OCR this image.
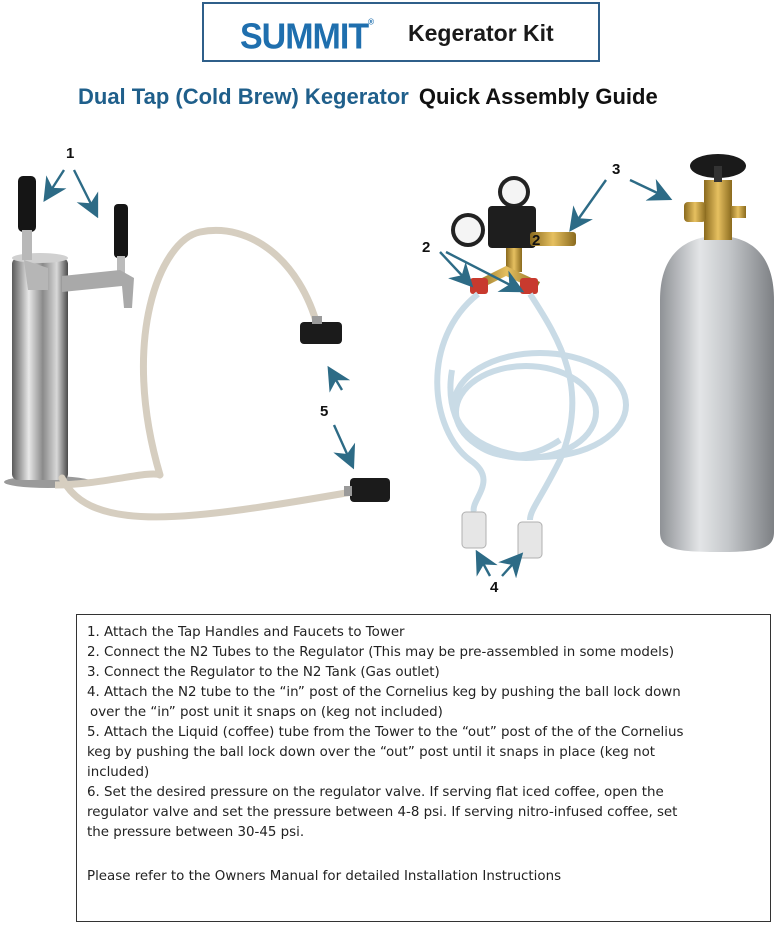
SUMMIT® Kegerator Kit
Dual Tap (Cold Brew) Kegerator Quick Assembly Guide
1
2	2
3
4
5

1. Attach the Tap Handles and Faucets to Tower

2. Connect the N2 Tubes to the Regulator (This may be pre-assembled in some models)

3. Connect the Regulator to the N2 Tank (Gas outlet)

4. Attach the N2 tube to the “in” post of the Cornelius keg by pushing the ball lock down

over the “in” post unit it snaps on (keg not included)

5. Attach the Liquid (coffee) tube from the Tower to the “out” post of the of the Cornelius

keg by pushing the ball lock down over the “out” post until it snaps in place (keg not

included)

6. Set the desired pressure on the regulator valve. If serving flat iced coffee, open the

regulator valve and set the pressure between 4-8 psi. If serving nitro-infused coffee, set

the pressure between 30-45 psi.

Please refer to the Owners Manual for detailed Installation Instructions
